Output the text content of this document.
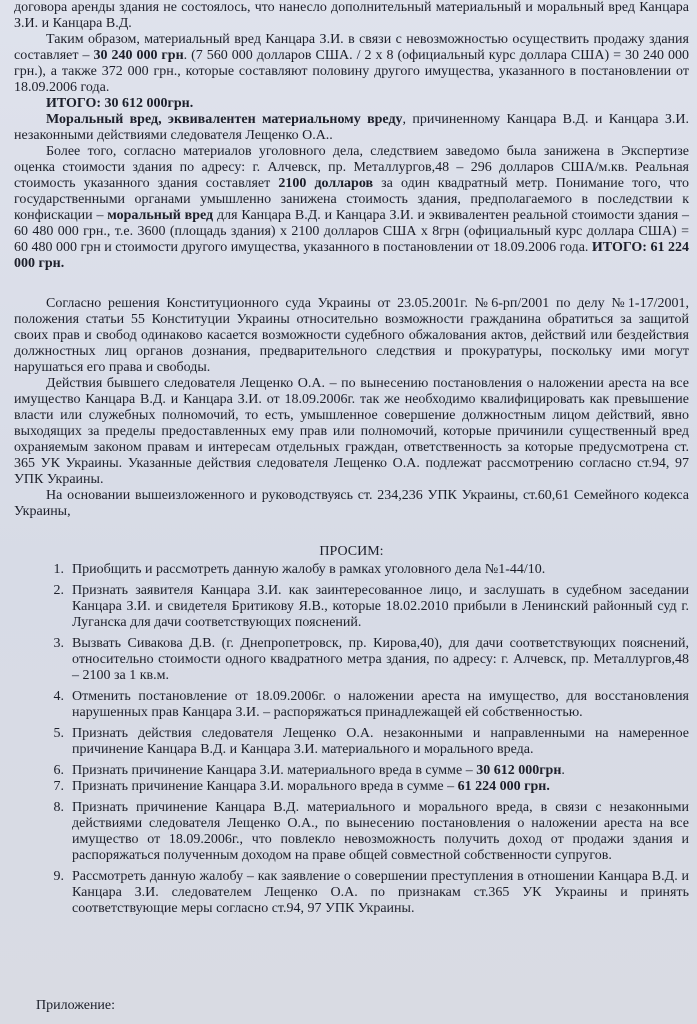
договора аренды здания не состоялось, что нанесло дополнительный материальный и моральный вред Канцара З.И. и Канцара В.Д.

Таким образом, материальный вред Канцара З.И. в связи с невозможностью осуществить продажу здания составляет – 30 240 000 грн. (7 560 000 долларов США. / 2 х 8 (официальный курс доллара США) = 30 240 000 грн.), а также 372 000 грн., которые составляют половину другого имущества, указанного в постановлении от 18.09.2006 года.

ИТОГО: 30 612 000грн.

Моральный вред, эквивалентен материальному вреду, причиненному Канцара В.Д. и Канцара З.И. незаконными действиями следователя Лещенко О.А..

Более того, согласно материалов уголовного дела, следствием заведомо была занижена в Экспертизе оценка стоимости здания по адресу: г. Алчевск, пр. Металлургов,48 – 296 долларов США/м.кв. Реальная стоимость указанного здания составляет 2100 долларов за один квадратный метр. Понимание того, что государственными органами умышленно занижена стоимость здания, предполагаемого в последствии к конфискации – моральный вред для Канцара В.Д. и Канцара З.И. и эквивалентен реальной стоимости здания – 60 480 000 грн., т.е. 3600 (площадь здания) х 2100 долларов США х 8грн (официальный курс доллара США) = 60 480 000 грн и стоимости другого имущества, указанного в постановлении от 18.09.2006 года. ИТОГО: 61 224 000 грн.

Согласно решения Конституционного суда Украины от 23.05.2001г. №6-рп/2001 по делу №1-17/2001, положения статьи 55 Конституции Украины относительно возможности гражданина обратиться за защитой своих прав и свобод одинаково касается возможности судебного обжалования актов, действий или бездействия должностных лиц органов дознания, предварительного следствия и прокуратуры, поскольку ими могут нарушаться его права и свободы.

Действия бывшего следователя Лещенко О.А. – по вынесению постановления о наложении ареста на все имущество Канцара В.Д. и Канцара З.И. от 18.09.2006г. так же необходимо квалифицировать как превышение власти или служебных полномочий, то есть, умышленное совершение должностным лицом действий, явно выходящих за пределы предоставленных ему прав или полномочий, которые причинили существенный вред охраняемым законом правам и интересам отдельных граждан, ответственность за которые предусмотрена ст. 365 УК Украины. Указанные действия следователя Лещенко О.А. подлежат рассмотрению согласно ст.94, 97 УПК Украины.

На основании вышеизложенного и руководствуясь ст. 234,236 УПК Украины, ст.60,61 Семейного кодекса Украины,

ПРОСИМ:

1. Приобщить и рассмотреть данную жалобу в рамках уголовного дела №1-44/10.
2. Признать заявителя Канцара З.И. как заинтересованное лицо, и заслушать в судебном заседании Канцара З.И. и свидетеля Бритикову Я.В., которые 18.02.2010 прибыли в Ленинский районный суд г. Луганска для дачи соответствующих пояснений.
3. Вызвать Сивакова Д.В. (г. Днепропетровск, пр. Кирова,40), для дачи соответствующих пояснений, относительно стоимости одного квадратного метра здания, по адресу: г. Алчевск, пр. Металлургов,48 – 2100 за 1 кв.м.
4. Отменить постановление от 18.09.2006г. о наложении ареста на имущество, для восстановления нарушенных прав Канцара З.И. – распоряжаться принадлежащей ей собственностью.
5. Признать действия следователя Лещенко О.А. незаконными и направленными на намеренное причинение Канцара В.Д. и Канцара З.И. материального и морального вреда.
6. Признать причинение Канцара З.И. материального вреда в сумме – 30 612 000грн.
7. Признать причинение Канцара З.И. морального вреда в сумме – 61 224 000 грн.
8. Признать причинение Канцара В.Д. материального и морального вреда, в связи с незаконными действиями следователя Лещенко О.А., по вынесению постановления о наложении ареста на все имущество от 18.09.2006г., что повлекло невозможность получить доход от продажи здания и распоряжаться полученным доходом на праве общей совместной собственности супругов.
9. Рассмотреть данную жалобу – как заявление о совершении преступления в отношении Канцара В.Д. и Канцара З.И. следователем Лещенко О.А. по признакам ст.365 УК Украины и принять соответствующие меры согласно ст.94, 97 УПК Украины.
Приложение:
